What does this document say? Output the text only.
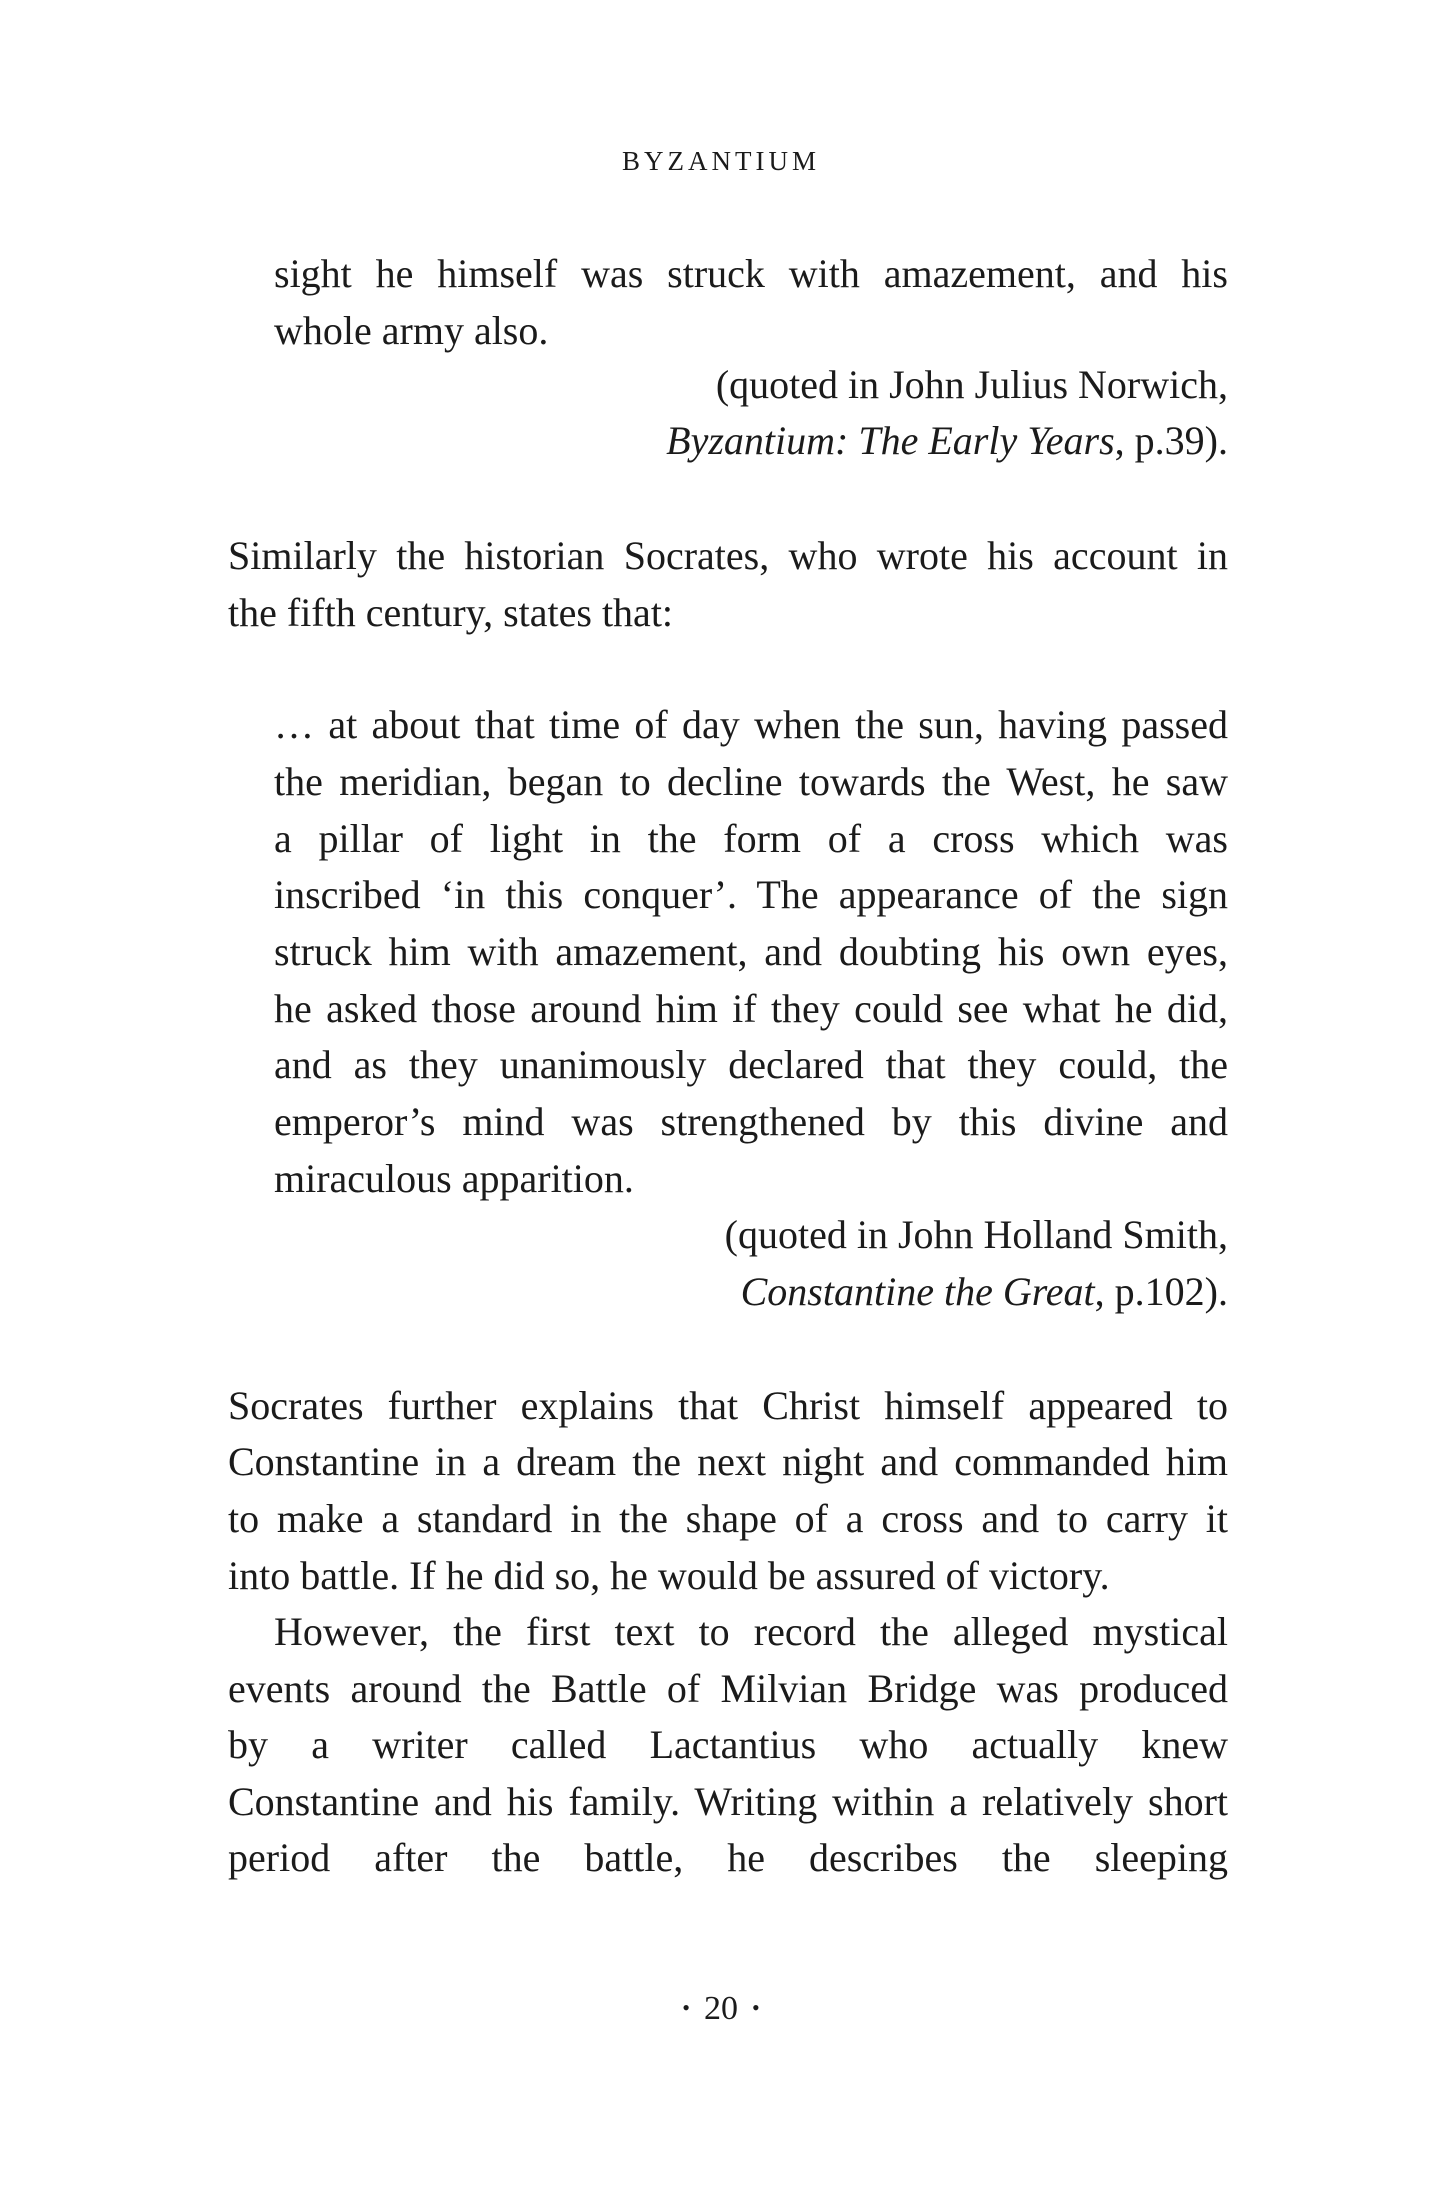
BYZANTIUM
sight he himself was struck with amazement, and his
whole army also.
(quoted in John Julius Norwich,
Byzantium: The Early Years, p.39).
Similarly the historian Socrates, who wrote his account in
the fifth century, states that:
… at about that time of day when the sun, having passed
the meridian, began to decline towards the West, he saw
a pillar of light in the form of a cross which was
inscribed ‘in this conquer’. The appearance of the sign
struck him with amazement, and doubting his own eyes,
he asked those around him if they could see what he did,
and as they unanimously declared that they could, the
emperor’s mind was strengthened by this divine and
miraculous apparition.
(quoted in John Holland Smith,
Constantine the Great, p.102).
Socrates further explains that Christ himself appeared to
Constantine in a dream the next night and commanded him
to make a standard in the shape of a cross and to carry it
into battle. If he did so, he would be assured of victory.
However, the first text to record the alleged mystical
events around the Battle of Milvian Bridge was produced
by a writer called Lactantius who actually knew
Constantine and his family. Writing within a relatively short
period after the battle, he describes the sleeping
• 20 •
